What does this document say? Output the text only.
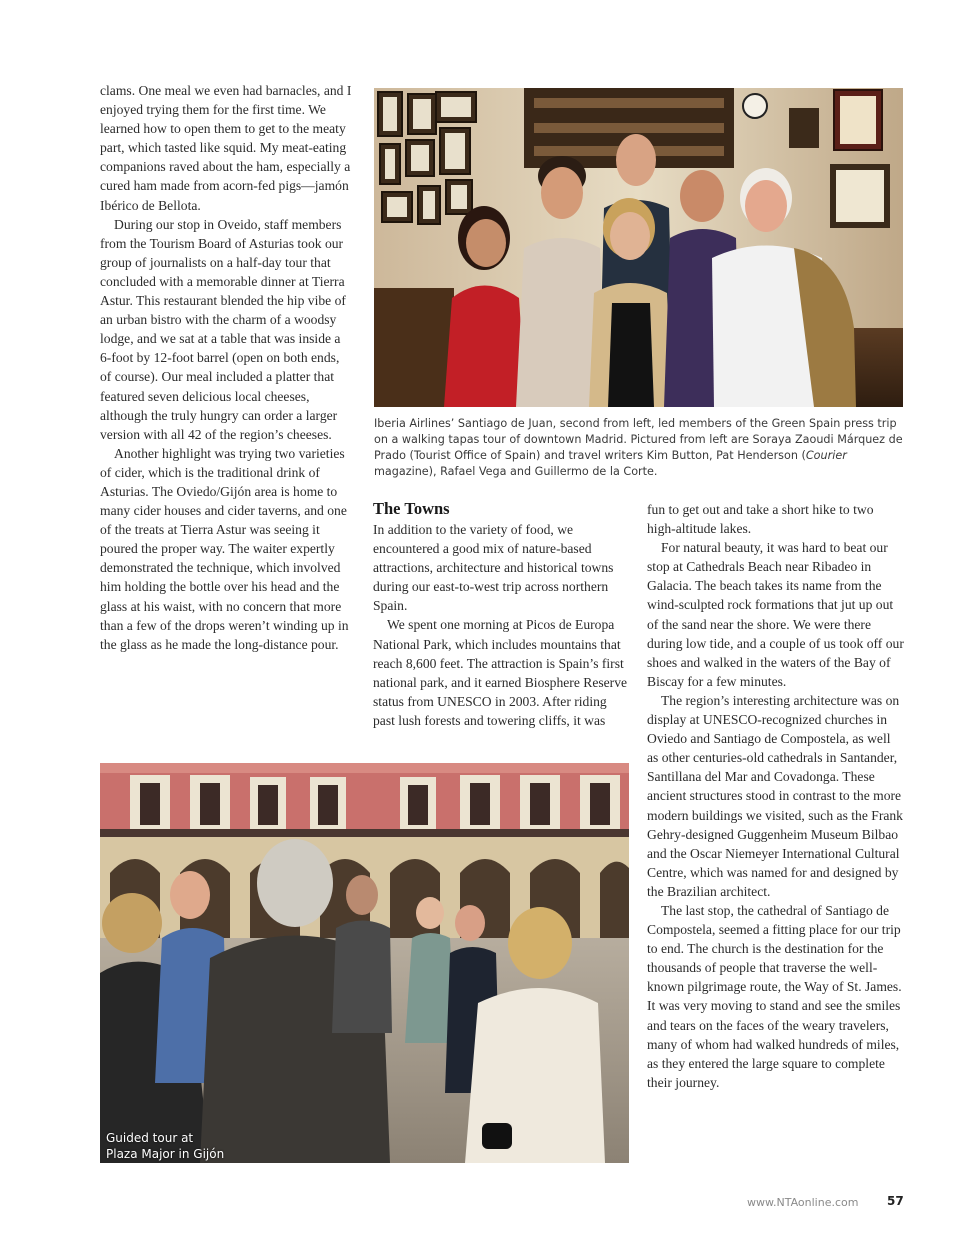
clams. One meal we even had barnacles, and I enjoyed trying them for the first time. We learned how to open them to get to the meaty part, which tasted like squid. My meat-eating companions raved about the ham, especially a cured ham made from acorn-fed pigs—jamón Ibérico de Bellota.

During our stop in Oveido, staff members from the Tourism Board of Asturias took our group of journalists on a half-day tour that concluded with a memorable dinner at Tierra Astur. This restaurant blended the hip vibe of an urban bistro with the charm of a woodsy lodge, and we sat at a table that was inside a 6-foot by 12-foot barrel (open on both ends, of course). Our meal included a platter that featured seven delicious local cheeses, although the truly hungry can order a larger version with all 42 of the region’s cheeses.

Another highlight was trying two varieties of cider, which is the traditional drink of Asturias. The Oviedo/Gijón area is home to many cider houses and cider taverns, and one of the treats at Tierra Astur was seeing it poured the proper way. The waiter expertly demonstrated the technique, which involved him holding the bottle over his head and the glass at his waist, with no concern that more than a few of the drops weren’t winding up in the glass as he made the long-distance pour.

Iberia Airlines’ Santiago de Juan, second from left, led members of the Green Spain press trip on a walking tapas tour of downtown Madrid. Pictured from left are Soraya Zaoudi Márquez de Prado (Tourist Office of Spain) and travel writers Kim Button, Pat Henderson (Courier magazine), Rafael Vega and Guillermo de la Corte.
The Towns

In addition to the variety of food, we encountered a good mix of nature-based attractions, architecture and historical towns during our east-to-west trip across northern Spain.

We spent one morning at Picos de Europa National Park, which includes mountains that reach 8,600 feet. The attraction is Spain’s first national park, and it earned Biosphere Reserve status from UNESCO in 2003. After riding past lush forests and towering cliffs, it was

fun to get out and take a short hike to two high-altitude lakes.

For natural beauty, it was hard to beat our stop at Cathedrals Beach near Ribadeo in Galacia. The beach takes its name from the wind-sculpted rock formations that jut up out of the sand near the shore. We were there during low tide, and a couple of us took off our shoes and walked in the waters of the Bay of Biscay for a few minutes.

The region’s interesting architecture was on display at UNESCO-recognized churches in Oviedo and Santiago de Compostela, as well as other centuries-old cathedrals in Santander, Santillana del Mar and Covadonga. These ancient structures stood in contrast to the more modern buildings we visited, such as the Frank Gehry-designed Guggenheim Museum Bilbao and the Oscar Niemeyer International Cultural Centre, which was named for and designed by the Brazilian architect.

The last stop, the cathedral of Santiago de Compostela, seemed a fitting place for our trip to end. The church is the destination for the thousands of people that traverse the well-known pilgrimage route, the Way of St. James. It was very moving to stand and see the smiles and tears on the faces of the weary travelers, many of whom had walked hundreds of miles, as they entered the large square to complete their journey.

Guided tour at
Plaza Major in Gijón
www.NTAonline.com 57
